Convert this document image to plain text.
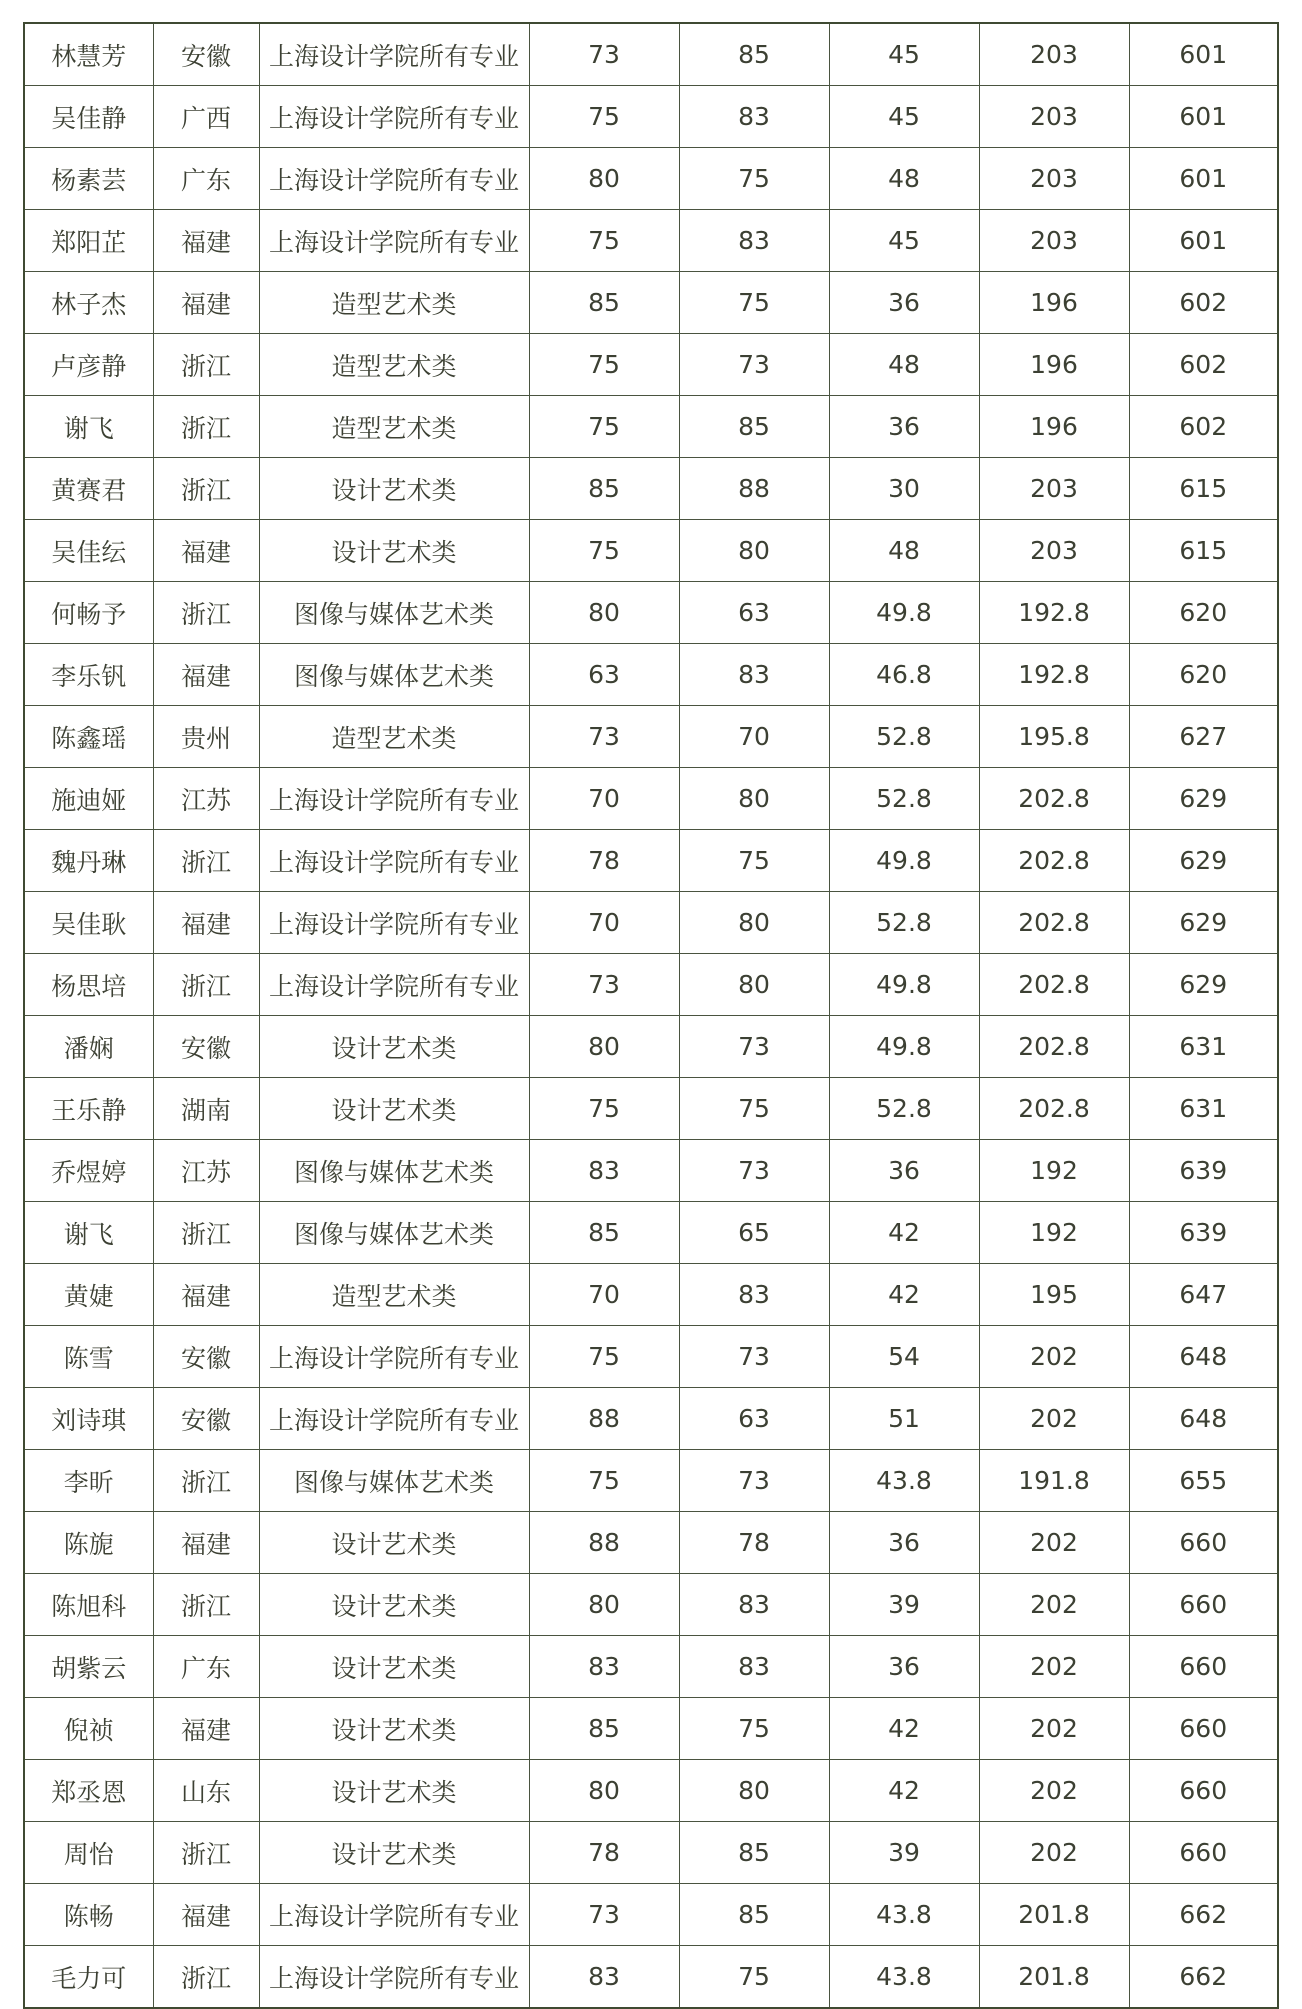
林慧芳	安徽	上海设计学院所有专业	73	85	45	203	601
吴佳静	广西	上海设计学院所有专业	75	83	45	203	601
杨素芸	广东	上海设计学院所有专业	80	75	48	203	601
郑阳芷	福建	上海设计学院所有专业	75	83	45	203	601
林子杰	福建	造型艺术类	85	75	36	196	602
卢彦静	浙江	造型艺术类	75	73	48	196	602
谢飞	浙江	造型艺术类	75	85	36	196	602
黄赛君	浙江	设计艺术类	85	88	30	203	615
吴佳纭	福建	设计艺术类	75	80	48	203	615
何畅予	浙江	图像与媒体艺术类	80	63	49.8	192.8	620
李乐钒	福建	图像与媒体艺术类	63	83	46.8	192.8	620
陈鑫瑶	贵州	造型艺术类	73	70	52.8	195.8	627
施迪娅	江苏	上海设计学院所有专业	70	80	52.8	202.8	629
魏丹琳	浙江	上海设计学院所有专业	78	75	49.8	202.8	629
吴佳耿	福建	上海设计学院所有专业	70	80	52.8	202.8	629
杨思培	浙江	上海设计学院所有专业	73	80	49.8	202.8	629
潘娴	安徽	设计艺术类	80	73	49.8	202.8	631
王乐静	湖南	设计艺术类	75	75	52.8	202.8	631
乔煜婷	江苏	图像与媒体艺术类	83	73	36	192	639
谢飞	浙江	图像与媒体艺术类	85	65	42	192	639
黄婕	福建	造型艺术类	70	83	42	195	647
陈雪	安徽	上海设计学院所有专业	75	73	54	202	648
刘诗琪	安徽	上海设计学院所有专业	88	63	51	202	648
李昕	浙江	图像与媒体艺术类	75	73	43.8	191.8	655
陈旎	福建	设计艺术类	88	78	36	202	660
陈旭科	浙江	设计艺术类	80	83	39	202	660
胡紫云	广东	设计艺术类	83	83	36	202	660
倪祯	福建	设计艺术类	85	75	42	202	660
郑丞恩	山东	设计艺术类	80	80	42	202	660
周怡	浙江	设计艺术类	78	85	39	202	660
陈畅	福建	上海设计学院所有专业	73	85	43.8	201.8	662
毛力可	浙江	上海设计学院所有专业	83	75	43.8	201.8	662
